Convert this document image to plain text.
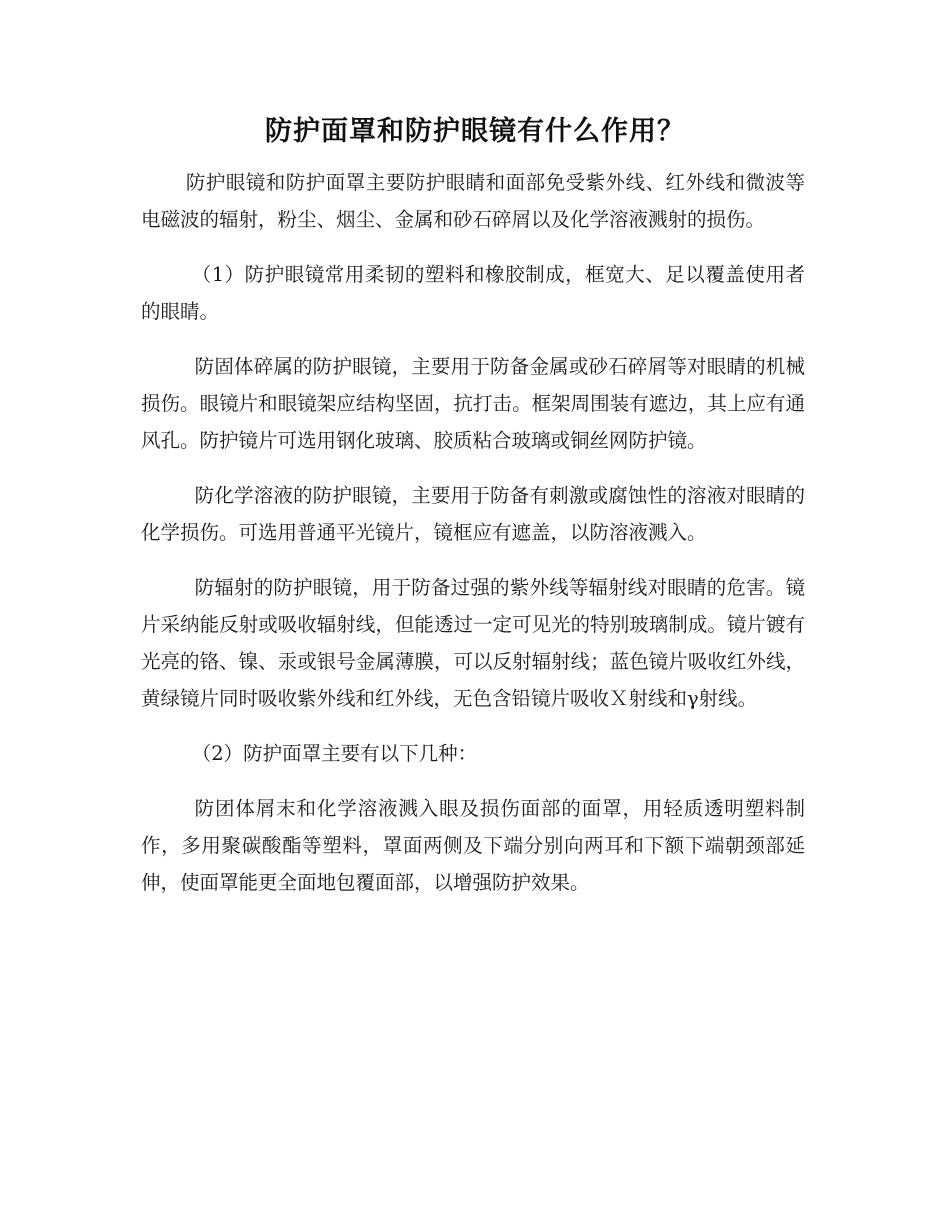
防护面罩和防护眼镜有什么作用？

防护眼镜和防护面罩主要防护眼睛和面部免受紫外线、红外线和微波等电磁波的辐射，粉尘、烟尘、金属和砂石碎屑以及化学溶液溅射的损伤。

（1）防护眼镜常用柔韧的塑料和橡胶制成，框宽大、足以覆盖使用者的眼睛。

防固体碎属的防护眼镜，主要用于防备金属或砂石碎屑等对眼睛的机械损伤。眼镜片和眼镜架应结构坚固，抗打击。框架周围装有遮边，其上应有通风孔。防护镜片可选用钢化玻璃、胶质粘合玻璃或铜丝网防护镜。

防化学溶液的防护眼镜，主要用于防备有刺激或腐蚀性的溶液对眼睛的化学损伤。可选用普通平光镜片，镜框应有遮盖，以防溶液溅入。

防辐射的防护眼镜，用于防备过强的紫外线等辐射线对眼睛的危害。镜片采纳能反射或吸收辐射线，但能透过一定可见光的特别玻璃制成。镜片镀有光亮的铬、镍、汞或银号金属薄膜，可以反射辐射线；蓝色镜片吸收红外线，黄绿镜片同时吸收紫外线和红外线，无色含铅镜片吸收Ｘ射线和γ射线。

（2）防护面罩主要有以下几种：

防团体屑末和化学溶液溅入眼及损伤面部的面罩，用轻质透明塑料制作，多用聚碳酸酯等塑料，罩面两侧及下端分别向两耳和下额下端朝颈部延伸，使面罩能更全面地包覆面部，以增强防护效果。
